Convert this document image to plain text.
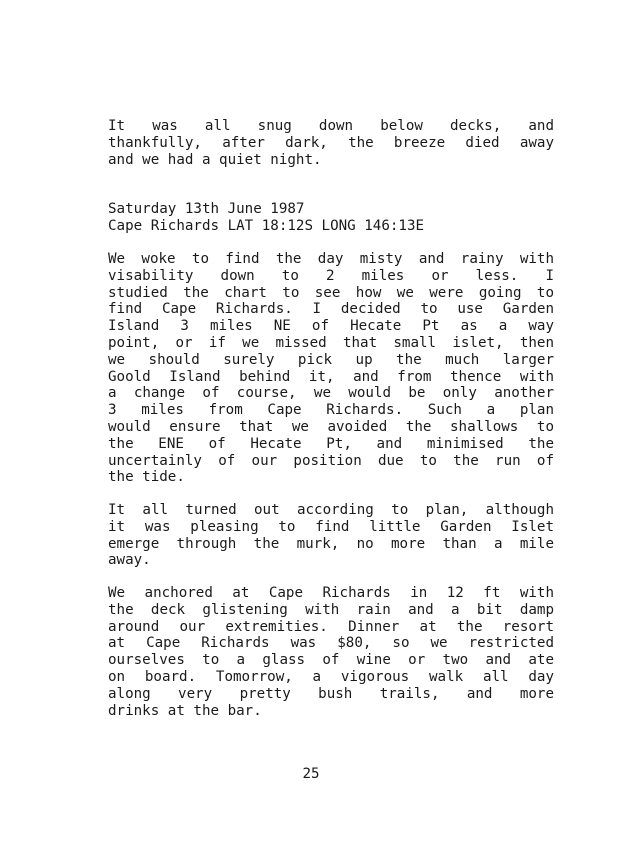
It was all snug down below decks, and
thankfully, after dark, the breeze died away
and we had a quiet night.
Saturday 13th June 1987
Cape Richards LAT 18:12S LONG 146:13E
We woke to find the day misty and rainy with
visability down to 2 miles or less. I
studied the chart to see how we were going to
find Cape Richards. I decided to use Garden
Island 3 miles NE of Hecate Pt as a way
point, or if we missed that small islet, then
we should surely pick up the much larger
Goold Island behind it, and from thence with
a change of course, we would be only another
3 miles from Cape Richards. Such a plan
would ensure that we avoided the shallows to
the ENE of Hecate Pt, and minimised the
uncertainly of our position due to the run of
the tide.
It all turned out according to plan, although
it was pleasing to find little Garden Islet
emerge through the murk, no more than a mile
away.
We anchored at Cape Richards in 12 ft with
the deck glistening with rain and a bit damp
around our extremities. Dinner at the resort
at Cape Richards was $80, so we restricted
ourselves to a glass of wine or two and ate
on board. Tomorrow, a vigorous walk all day
along very pretty bush trails, and more
drinks at the bar.
25
